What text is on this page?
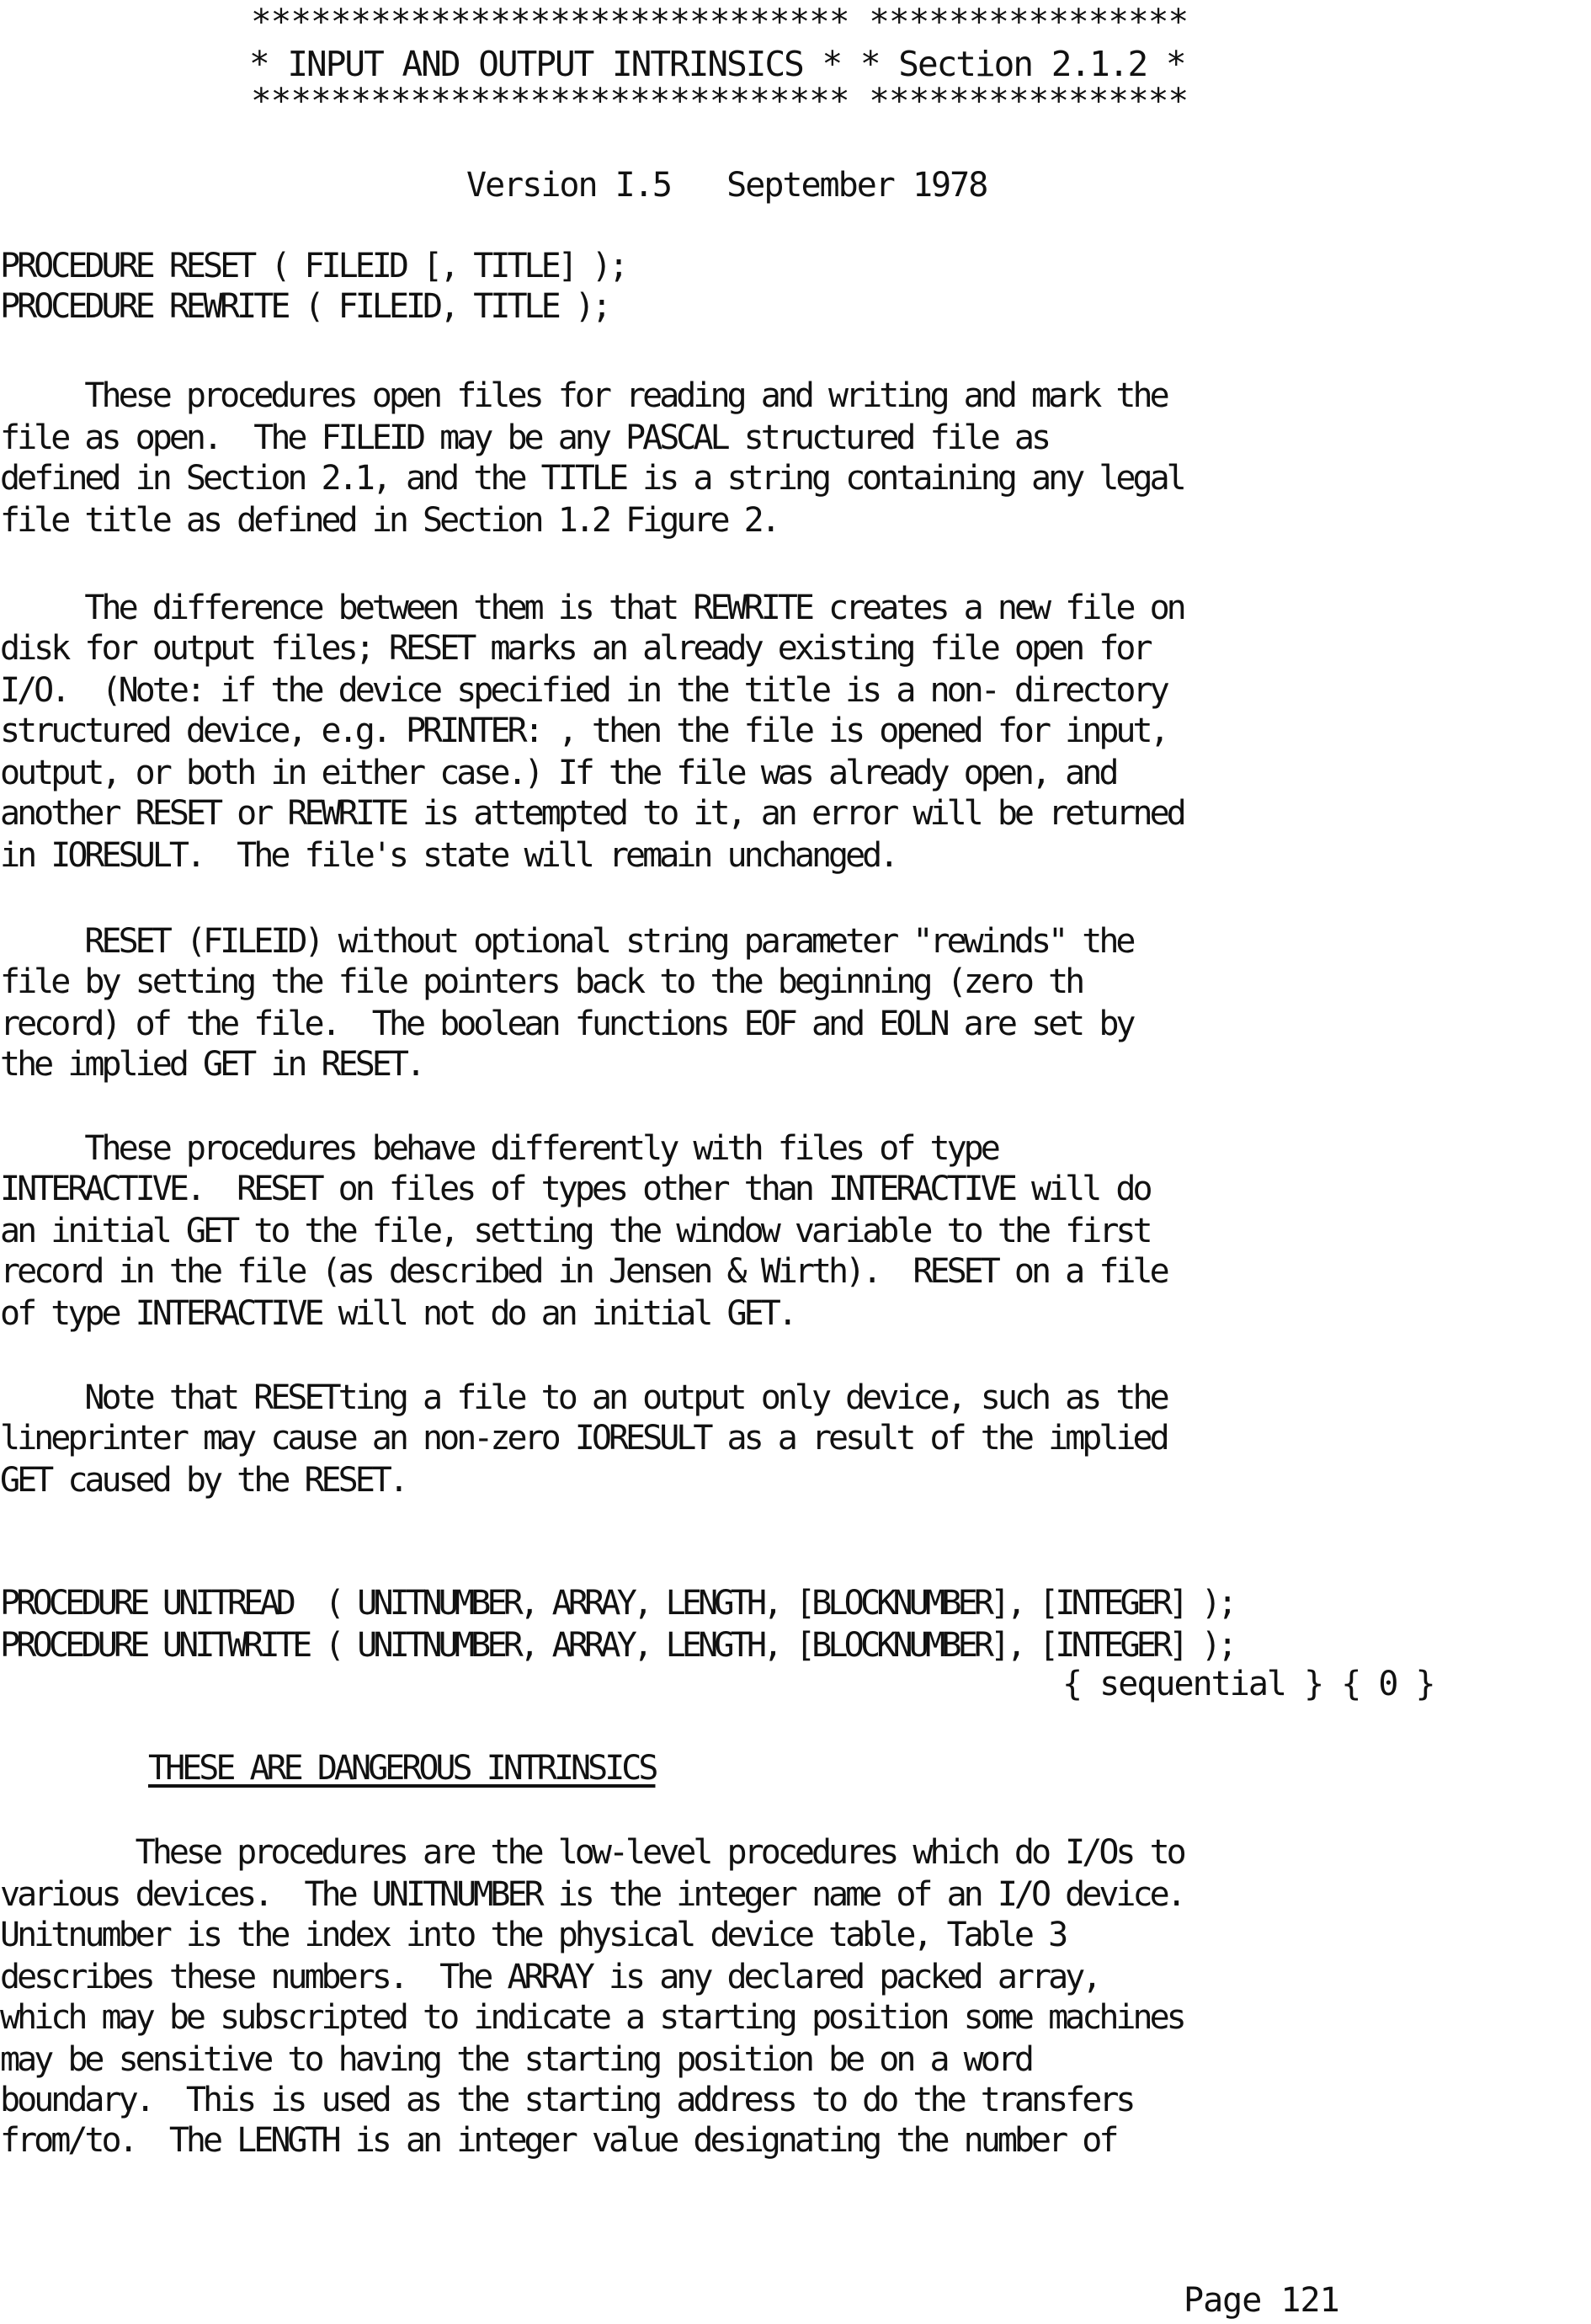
****************************** ****************
* INPUT AND OUTPUT INTRINSICS * * Section 2.1.2 *
****************************** ****************
Version I.5   September 1978
PROCEDURE RESET ( FILEID [, TITLE] );
PROCEDURE REWRITE ( FILEID, TITLE );
These procedures open files for reading and writing and mark the
file as open.  The FILEID may be any PASCAL structured file as
defined in Section 2.1, and the TITLE is a string containing any legal
file title as defined in Section 1.2 Figure 2.
The difference between them is that REWRITE creates a new file on
disk for output files; RESET marks an already existing file open for
I/O.  (Note: if the device specified in the title is a non- directory
structured device, e.g. PRINTER: , then the file is opened for input,
output, or both in either case.) If the file was already open, and
another RESET or REWRITE is attempted to it, an error will be returned
in IORESULT.  The file's state will remain unchanged.
RESET (FILEID) without optional string parameter "rewinds" the
file by setting the file pointers back to the beginning (zero th
record) of the file.  The boolean functions EOF and EOLN are set by
the implied GET in RESET.
These procedures behave differently with files of type
INTERACTIVE.  RESET on files of types other than INTERACTIVE will do
an initial GET to the file, setting the window variable to the first
record in the file (as described in Jensen & Wirth).  RESET on a file
of type INTERACTIVE will not do an initial GET.
Note that RESETting a file to an output only device, such as the
lineprinter may cause an non-zero IORESULT as a result of the implied
GET caused by the RESET.
PROCEDURE UNITREAD  ( UNITNUMBER, ARRAY, LENGTH, [BLOCKNUMBER], [INTEGER] );
PROCEDURE UNITWRITE ( UNITNUMBER, ARRAY, LENGTH, [BLOCKNUMBER], [INTEGER] );
{ sequential } { 0 }
THESE ARE DANGEROUS INTRINSICS
These procedures are the low-level procedures which do I/Os to
various devices.  The UNITNUMBER is the integer name of an I/O device.
Unitnumber is the index into the physical device table, Table 3
describes these numbers.  The ARRAY is any declared packed array,
which may be subscripted to indicate a starting position some machines
may be sensitive to having the starting position be on a word
boundary.  This is used as the starting address to do the transfers
from/to.  The LENGTH is an integer value designating the number of
Page 121
